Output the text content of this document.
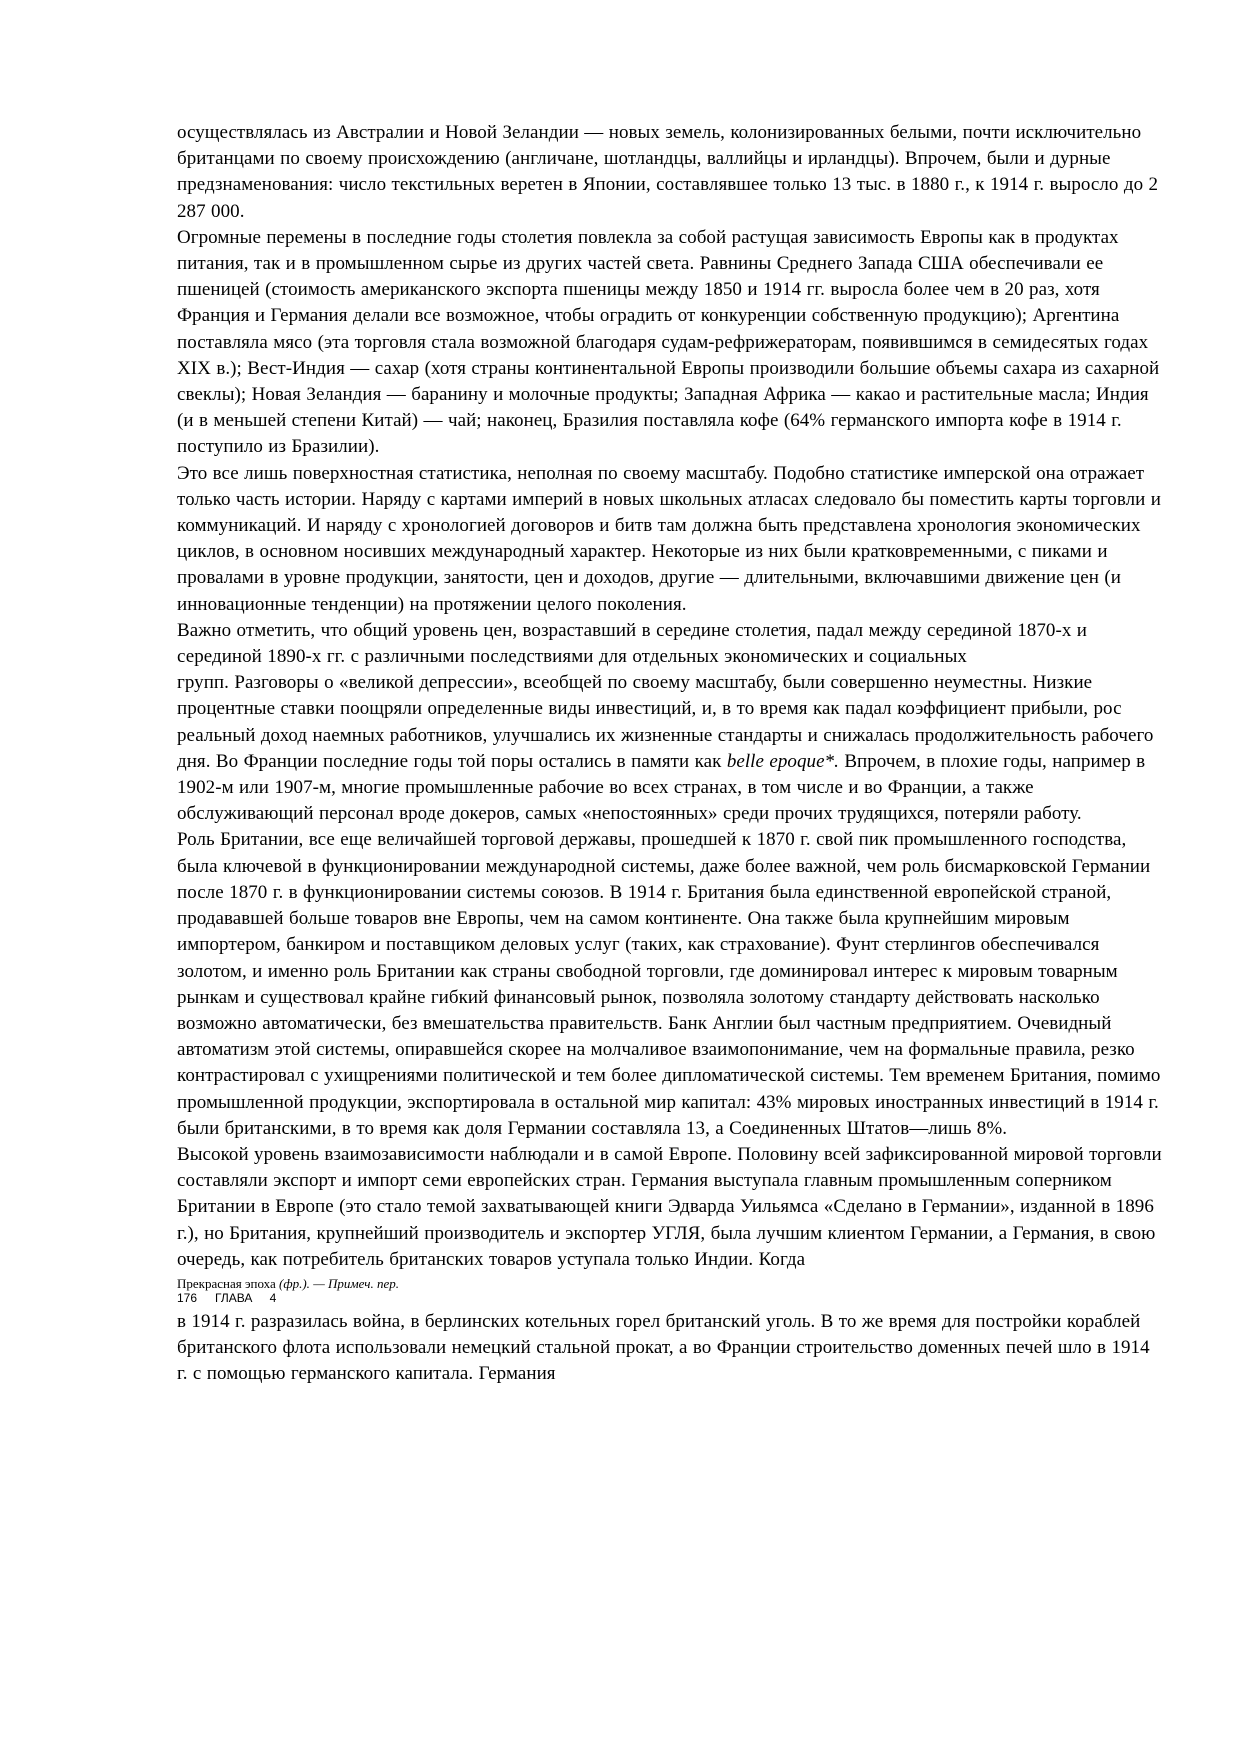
осуществлялась из Австралии и Новой Зеландии — новых земель, колонизированных белыми, почти исключительно британцами по своему происхождению (англичане, шотландцы, валлийцы и ирландцы). Впрочем, были и дурные предзнаменования: число текстильных веретен в Японии, составлявшее только 13 тыс. в 1880 г., к 1914 г. выросло до 2 287 000.

Огромные перемены в последние годы столетия повлекла за собой растущая зависимость Европы как в продуктах питания, так и в промышленном сырье из других частей света. Равнины Среднего Запада США обеспечивали ее пшеницей (стоимость американского экспорта пшеницы между 1850 и 1914 гг. выросла более чем в 20 раз, хотя Франция и Германия делали все возможное, чтобы оградить от конкуренции собственную продукцию); Аргентина поставляла мясо (эта торговля стала возможной благодаря судам-рефрижераторам, появившимся в семидесятых годах XIX в.); Вест-Индия — сахар (хотя страны континентальной Европы производили большие объемы сахара из сахарной свеклы); Новая Зеландия — баранину и молочные продукты; Западная Африка — какао и растительные масла; Индия (и в меньшей степени Китай) — чай; наконец, Бразилия поставляла кофе (64% германского импорта кофе в 1914 г. поступило из Бразилии).

Это все лишь поверхностная статистика, неполная по своему масштабу. Подобно статистике имперской она отражает только часть истории. Наряду с картами империй в новых школьных атласах следовало бы поместить карты торговли и коммуникаций. И наряду с хронологией договоров и битв там должна быть представлена хронология экономических циклов, в основном носивших международный характер. Некоторые из них были кратковременными, с пиками и провалами в уровне продукции, занятости, цен и доходов, другие — длительными, включавшими движение цен (и инновационные тенденции) на протяжении целого поколения.

Важно отметить, что общий уровень цен, возраставший в середине столетия, падал между серединой 1870-х и серединой 1890-х гг. с различными последствиями для отдельных экономических и социальных

групп. Разговоры о «великой депрессии», всеобщей по своему масштабу, были совершенно неуместны. Низкие процентные ставки поощряли определенные виды инвестиций, и, в то время как падал коэффициент прибыли, рос реальный доход наемных работников, улучшались их жизненные стандарты и снижалась продолжительность рабочего дня. Во Франции последние годы той поры остались в памяти как belle epoque*. Впрочем, в плохие годы, например в 1902-м или 1907-м, многие промышленные рабочие во всех странах, в том числе и во Франции, а также обслуживающий персонал вроде докеров, самых «непостоянных» среди прочих трудящихся, потеряли работу.

Роль Британии, все еще величайшей торговой державы, прошедшей к 1870 г. свой пик промышленного господства, была ключевой в функционировании международной системы, даже более важной, чем роль бисмарковской Германии после 1870 г. в функционировании системы союзов. В 1914 г. Британия была единственной европейской страной, продававшей больше товаров вне Европы, чем на самом континенте. Она также была крупнейшим мировым импортером, банкиром и поставщиком деловых услуг (таких, как страхование). Фунт стерлингов обеспечивался золотом, и именно роль Британии как страны свободной торговли, где доминировал интерес к мировым товарным рынкам и существовал крайне гибкий финансовый рынок, позволяла золотому стандарту действовать насколько возможно автоматически, без вмешательства правительств. Банк Англии был частным предприятием. Очевидный автоматизм этой системы, опиравшейся скорее на молчаливое взаимопонимание, чем на формальные правила, резко контрастировал с ухищрениями политической и тем более дипломатической системы. Тем временем Британия, помимо промышленной продукции, экспортировала в остальной мир капитал: 43% мировых иностранных инвестиций в 1914 г. были британскими, в то время как доля Германии составляла 13, а Соединенных Штатов—лишь 8%.

Высокой уровень взаимозависимости наблюдали и в самой Европе. Половину всей зафиксированной мировой торговли составляли экспорт и импорт семи европейских стран. Германия выступала главным промышленным соперником Британии в Европе (это стало темой захватывающей книги Эдварда Уильямса «Сделано в Германии», изданной в 1896 г.), но Британия, крупнейший производитель и экспортер УГЛЯ, была лучшим клиентом Германии, а Германия, в свою очередь, как потребитель британских товаров уступала только Индии. Когда

Прекрасная эпоха (фр.). — Примеч. пер.

176 ГЛАВА 4

в 1914 г. разразилась война, в берлинских котельных горел британский уголь. В то же время для постройки кораблей британского флота использовали немецкий стальной прокат, а во Франции строительство доменных печей шло в 1914 г. с помощью германского капитала. Германия
